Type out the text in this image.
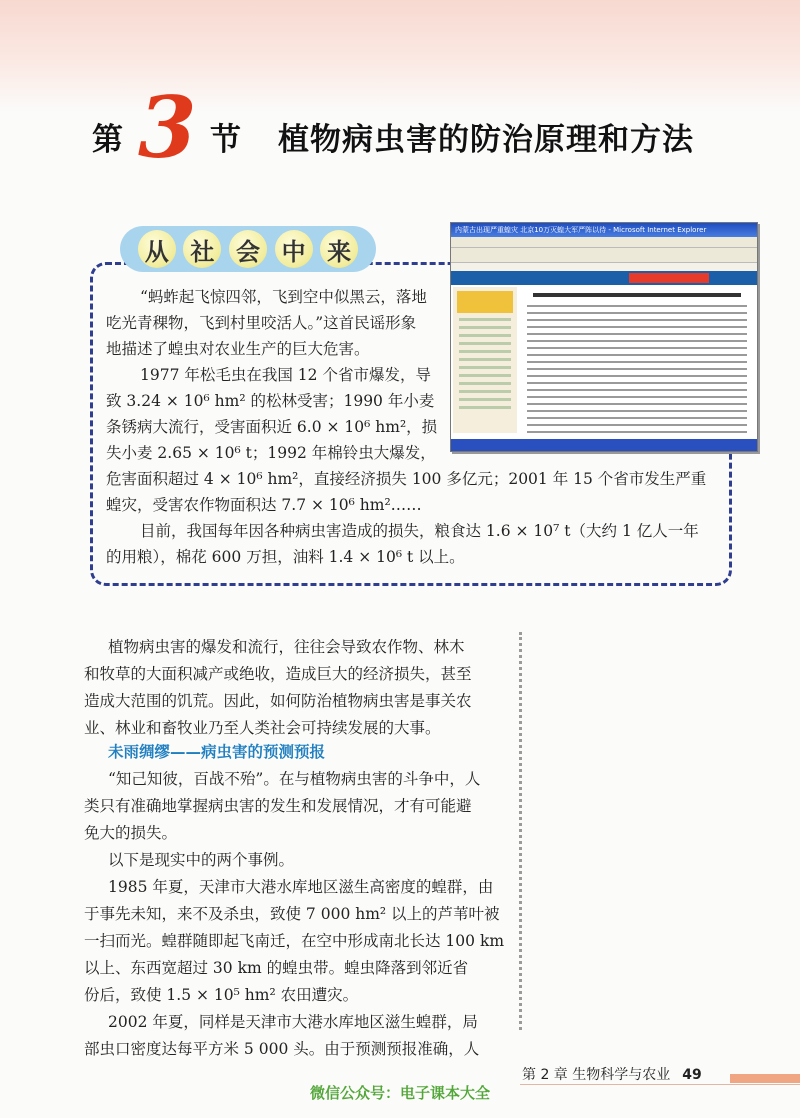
第 3 节 植物病虫害的防治原理和方法
从 社 会 中 来
内蒙古出现严重蝗灾 北京10万灭蝗大军严阵以待 - Microsoft Internet Explorer
“蚂蚱起飞惊四邻，飞到空中似黑云，落地
吃光青稞物，飞到村里咬活人。”这首民谣形象
地描述了蝗虫对农业生产的巨大危害。
1977 年松毛虫在我国 12 个省市爆发，导
致 3.24 × 10⁶ hm² 的松林受害；1990 年小麦
条锈病大流行，受害面积近 6.0 × 10⁶ hm²，损
失小麦 2.65 × 10⁶ t；1992 年棉铃虫大爆发，
危害面积超过 4 × 10⁶ hm²，直接经济损失 100 多亿元；2001 年 15 个省市发生严重
蝗灾，受害农作物面积达 7.7 × 10⁶ hm²……
目前，我国每年因各种病虫害造成的损失，粮食达 1.6 × 10⁷ t（大约 1 亿人一年
的用粮），棉花 600 万担，油料 1.4 × 10⁶ t 以上。
植物病虫害的爆发和流行，往往会导致农作物、林木
和牧草的大面积减产或绝收，造成巨大的经济损失，甚至
造成大范围的饥荒。因此，如何防治植物病虫害是事关农
业、林业和畜牧业乃至人类社会可持续发展的大事。
未雨绸缪——病虫害的预测预报
“知己知彼，百战不殆”。在与植物病虫害的斗争中，人
类只有准确地掌握病虫害的发生和发展情况，才有可能避
免大的损失。
以下是现实中的两个事例。
1985 年夏，天津市大港水库地区滋生高密度的蝗群，由
于事先未知，来不及杀虫，致使 7 000 hm² 以上的芦苇叶被
一扫而光。蝗群随即起飞南迁，在空中形成南北长达 100 km
以上、东西宽超过 30 km 的蝗虫带。蝗虫降落到邻近省
份后，致使 1.5 × 10⁵ hm² 农田遭灾。
2002 年夏，同样是天津市大港水库地区滋生蝗群，局
部虫口密度达每平方米 5 000 头。由于预测预报准确，人
第 2 章 生物科学与农业 49
微信公众号：电子课本大全
